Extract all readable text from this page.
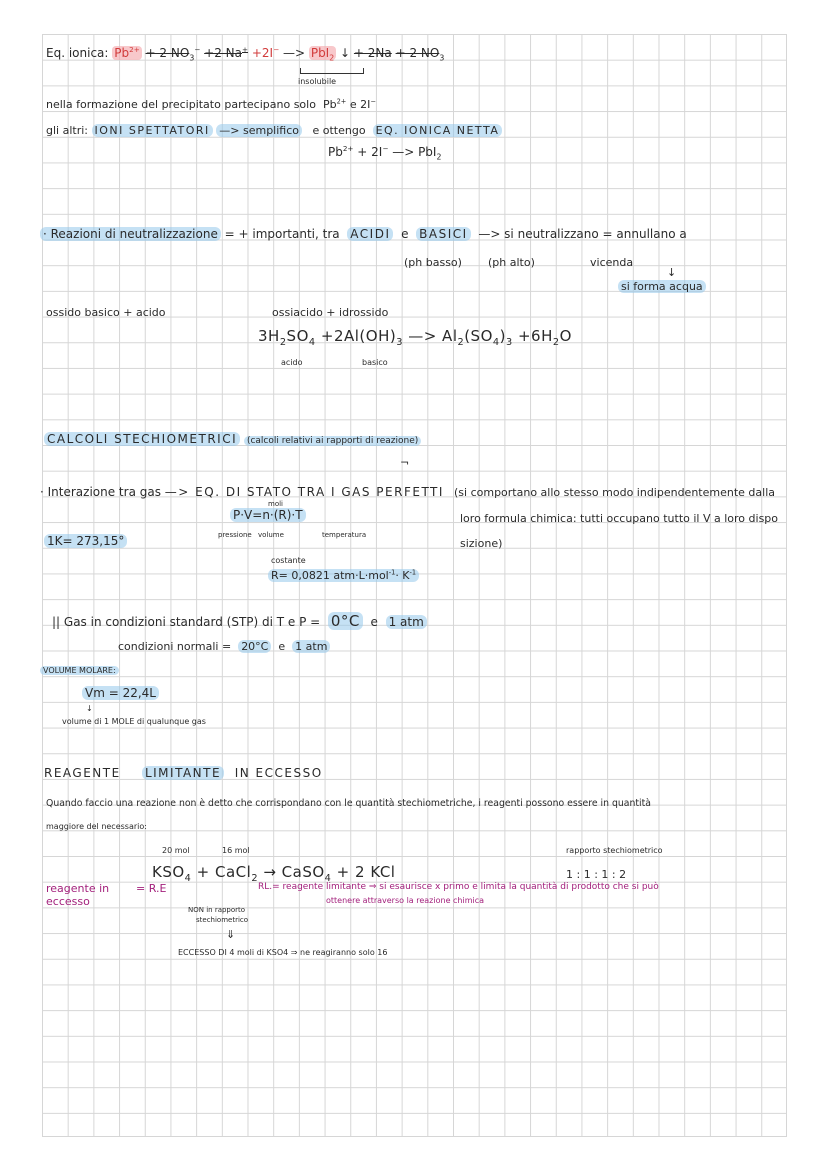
Eq. ionica: $Pb^{2+} + 2$ $NO_3^- +2$ Na+ +2I− —> PbI$_2$ ↓ + 2Na + 2 $NO_3$
insolubile
nella formazione del precipitato partecipano solo $Pb^{2+}$ e 2I−
gli altri: IONI SPETTATORI —> semplifico e ottengo EQ. IONICA NETTA
$Pb^{2+} + 2I^-$ —> PbI$_2$
· Reazioni di neutralizzazione = + importanti, tra ACIDI e BASICI —> si neutralizzano = annullano a
(ph basso) (ph alto)	vicenda
↓
si forma acqua
ossido basico + acido	ossiacido + idrossido
$3H_2SO_4 +2Al(OH)_3$ —> $Al_2(SO_4)_3 +6H_2O$
acido	basico
CALCOLI STECHIOMETRICI (calcoli relativi ai rapporti di reazione)
¬
· Interazione tra gas —> EQ. DI STATO TRA I GAS PERFETTI (si comportano allo stesso modo indipendentemente dalla
loro formula chimica: tutti occupano tutto il V a loro dispo
sizione)
moli
P·V=n·(R)·T
pressione volume	temperatura
costante
R= 0,0821 $atm\cdot L\cdot mol^{-1}\cdot K^{-1}$
1K= 273,15°
|| Gas in condizioni standard (STP) di T e P = 0°C e 1 atm
condizioni normali = 20°C e 1 atm
VOLUME MOLARE:
Vm = 22,4L
↓
volume di 1 MOLE di qualunque gas
REAGENTE LIMITANTE IN ECCESSO
Quando faccio una reazione non è detto che corrispondano con le quantità stechiometriche, i reagenti possono essere in quantità
maggiore del necessario:
20 mol	16 mol	rapporto stechiometrico
$KSO_4$ + CaCl$_2$ → CaSO$_4$ + 2 KCl	1 : 1 : 1 : 2
reagente in
eccesso
= R.E	RL.= reagente limitante ⇒ si esaurisce x primo e limita la quantità di prodotto che si può
ottenere attraverso la reazione chimica
NON in rapporto
stechiometrico
⇓
ECCESSO DI 4 moli di KSO4 ⇒ ne reagiranno solo 16
